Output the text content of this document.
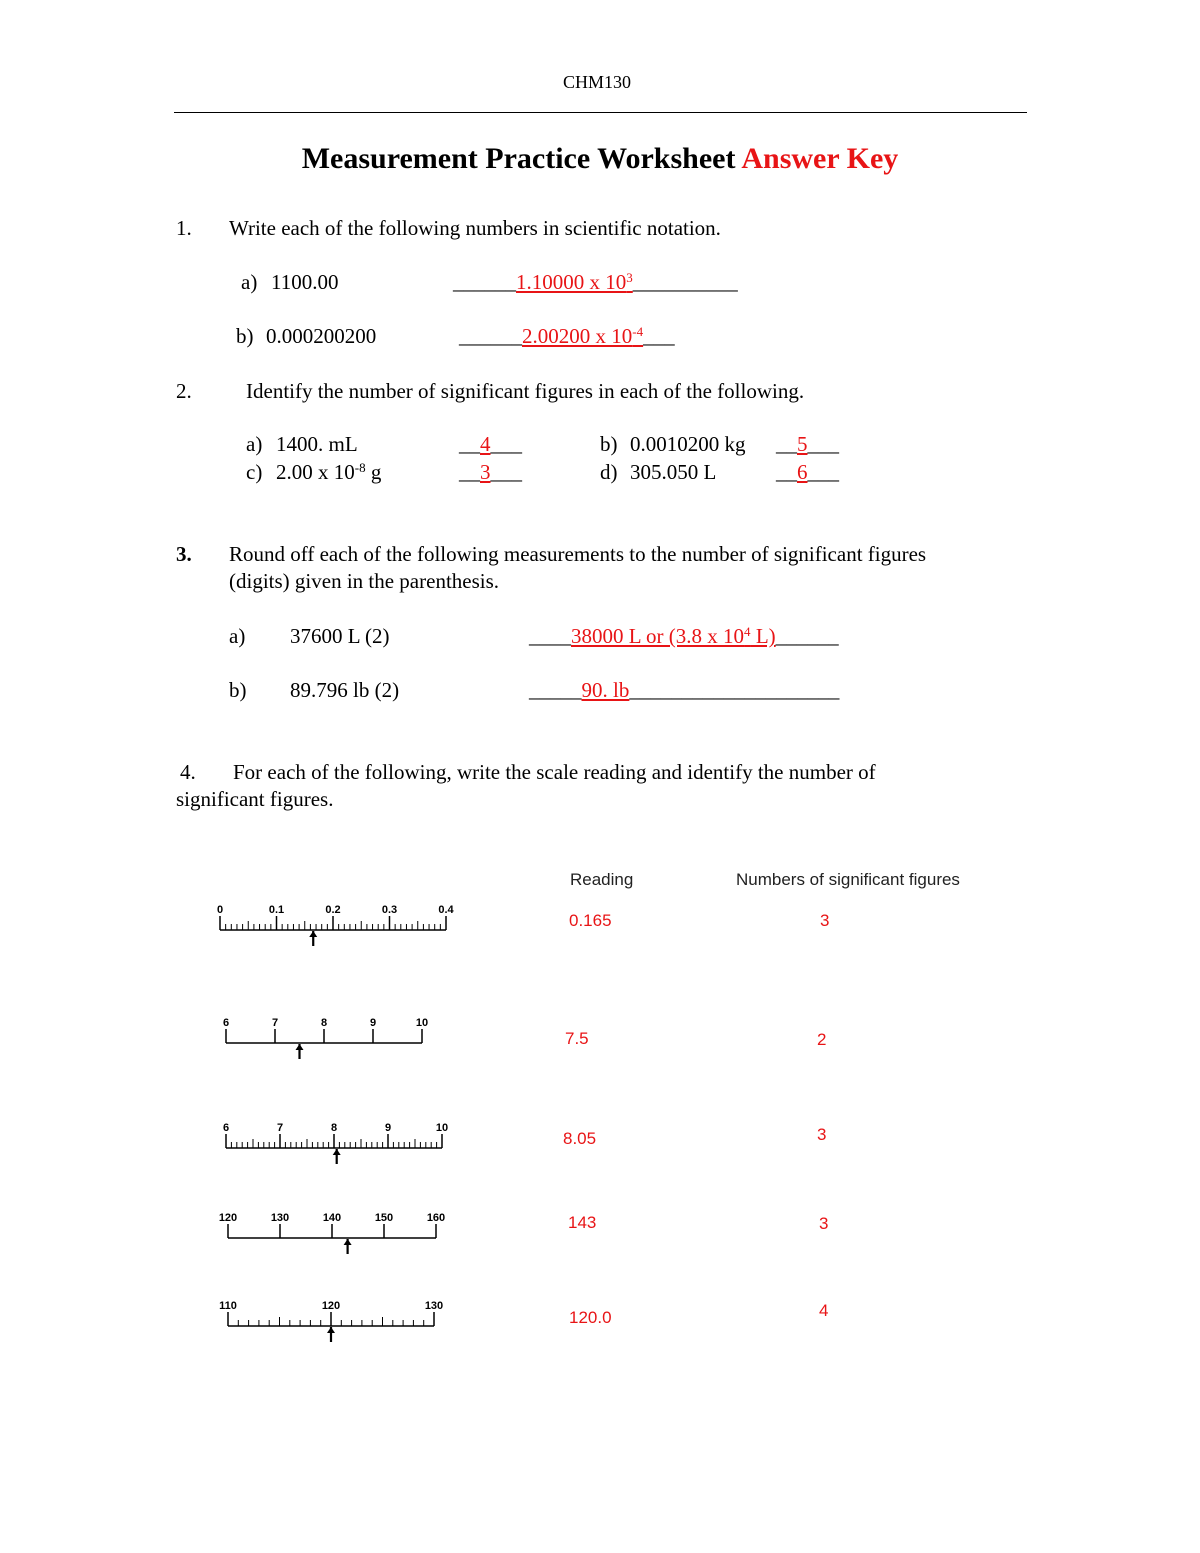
CHM130
Measurement Practice Worksheet Answer Key
1. Write each of the following numbers in scientific notation.
a) 1100.00	______1.10000 x $10^3\_\_\_\_\_\_\_\_\_\_$
b) 0.000200200	______2.00200 x $10^{-4}\_\_\_$
2.	Identify the number of significant figures in each of the following.
a) 1400. mL	__4___	b) 0.0010200 kg __5___
c) 2.00 x $10^{-8}$ g	__3___	d) 305.050 L	__6___
3. Round off each of the following measurements to the number of significant figures
(digits) given in the parenthesis.
a) 37600 L (2)	____38000 L or (3.8 x $10^4$ L)______
b) 89.796 lb (2)	_____90. lb____________________
4. For each of the following, write the scale reading and identify the number of
significant figures.
Reading	Numbers of significant figures
0.165	3
7.5	2
8.05	3
143	3
120.0	4
0	0.1	0.2	0.3	0.4
6	7	8	9	10
6	7	8	9	10
120	130	140	150	160
110	120	130
